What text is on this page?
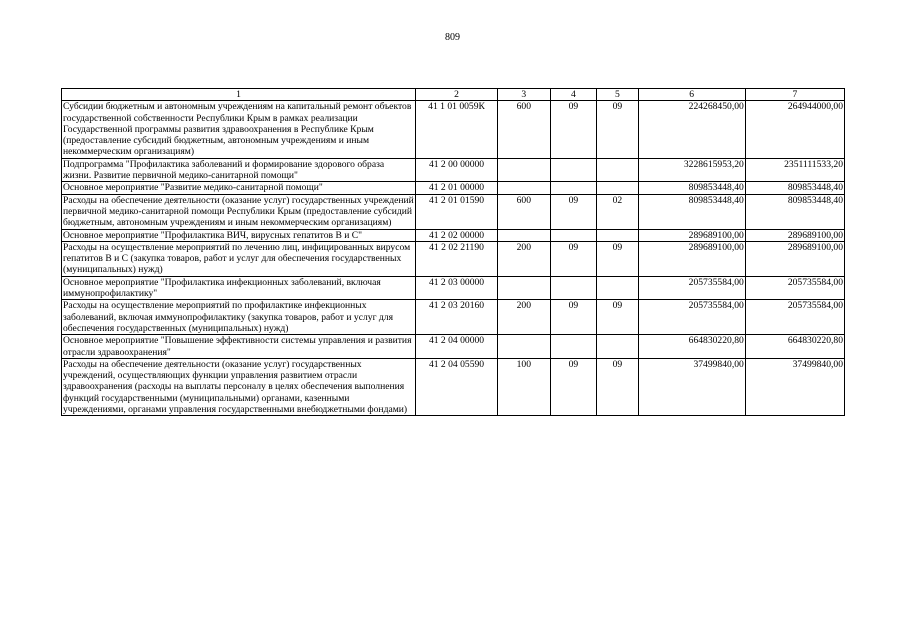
809
1	2	3	4	5	6	7
Субсидии бюджетным и автономным учреждениям на капитальный ремонт объектов государственной собственности Республики Крым в рамках реализации Государственной программы развития здравоохранения в Республике Крым (предоставление субсидий бюджетным, автономным учреждениям и иным некоммерческим организациям)	41 1 01 0059К	600	09	09	224268450,00	264944000,00
Подпрограмма "Профилактика заболеваний и формирование здорового образа жизни. Развитие первичной медико-санитарной помощи"	41 2 00 00000				3228615953,20	2351111533,20
Основное мероприятие "Развитие медико-санитарной помощи"	41 2 01 00000				809853448,40	809853448,40
Расходы на обеспечение деятельности (оказание услуг) государственных учреждений первичной медико-санитарной помощи Республики Крым (предоставление субсидий бюджетным, автономным учреждениям и иным некоммерческим организациям)	41 2 01 01590	600	09	02	809853448,40	809853448,40
Основное мероприятие "Профилактика ВИЧ, вирусных гепатитов В и С"	41 2 02 00000				289689100,00	289689100,00
Расходы на осуществление мероприятий по лечению лиц, инфицированных вирусом гепатитов В и С (закупка товаров, работ и услуг для обеспечения государственных (муниципальных) нужд)	41 2 02 21190	200	09	09	289689100,00	289689100,00
Основное мероприятие "Профилактика инфекционных заболеваний, включая иммунопрофилактику"	41 2 03 00000				205735584,00	205735584,00
Расходы на осуществление мероприятий по профилактике инфекционных заболеваний, включая иммунопрофилактику (закупка товаров, работ и услуг для обеспечения государственных (муниципальных) нужд)	41 2 03 20160	200	09	09	205735584,00	205735584,00
Основное мероприятие "Повышение эффективности системы управления и развития отрасли здравоохранения"	41 2 04 00000				664830220,80	664830220,80
Расходы на обеспечение деятельности (оказание услуг) государственных учреждений, осуществляющих функции управления развитием отрасли здравоохранения (расходы на выплаты персоналу в целях обеспечения выполнения функций государственными (муниципальными) органами, казенными учреждениями, органами управления государственными внебюджетными фондами)	41 2 04 05590	100	09	09	37499840,00	37499840,00
